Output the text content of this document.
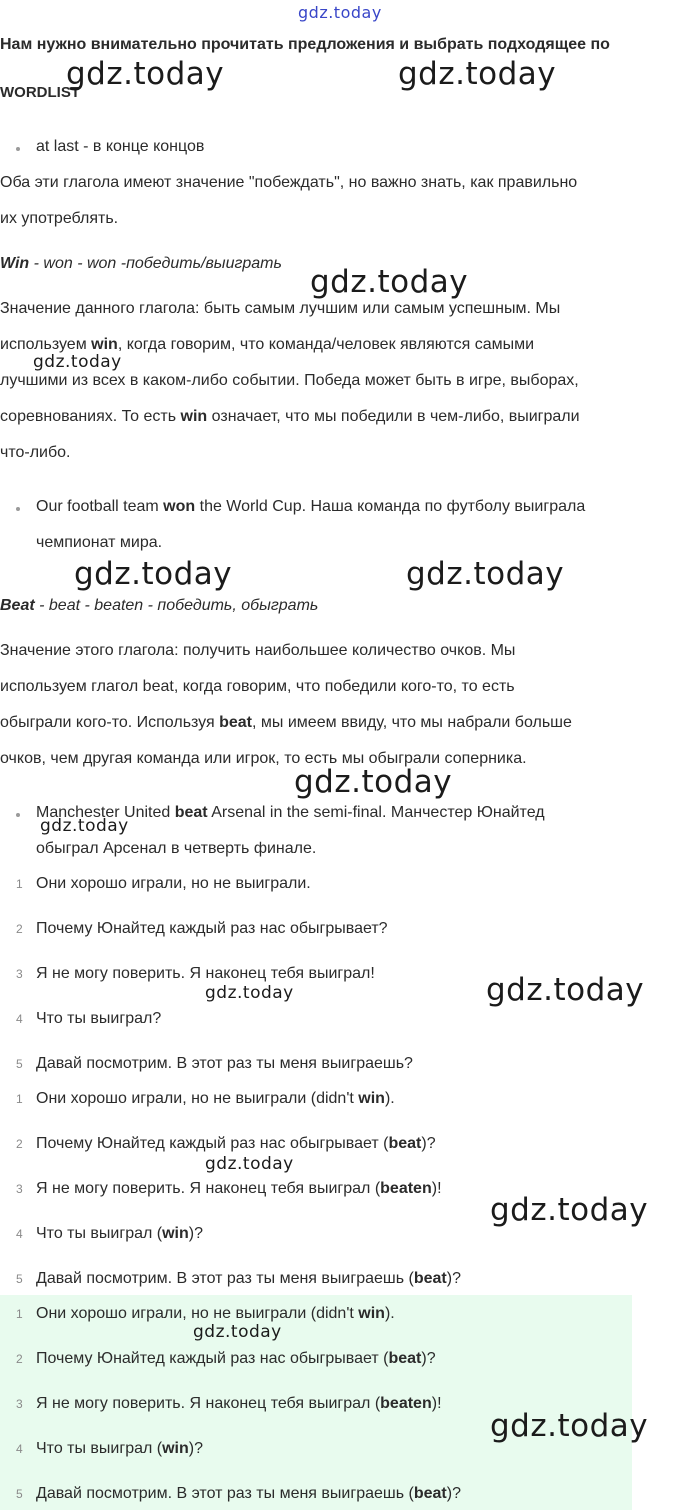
gdz.today
Нам нужно внимательно прочитать предложения и выбрать подходящее по
WORDLIST
at last - в конце концов
Оба эти глагола имеют значение "побеждать", но важно знать, как правильно
их употреблять.
Win - won - won -победить/выиграть
Значение данного глагола: быть самым лучшим или самым успешным. Мы
используем win, когда говорим, что команда/человек являются самыми
лучшими из всех в каком-либо событии. Победа может быть в игре, выборах,
соревнованиях. То есть win означает, что мы победили в чем-либо, выиграли
что-либо.
Our football team won the World Cup. Наша команда по футболу выиграла
чемпионат мира.
Beat - beat - beaten - победить, обыграть
Значение этого глагола: получить наибольшее количество очков. Мы
используем глагол beat, когда говорим, что победили кого-то, то есть
обыграли кого-то. Используя beat, мы имеем ввиду, что мы набрали больше
очков, чем другая команда или игрок, то есть мы обыграли соперника.
Manchester United beat Arsenal in the semi-final. Манчестер Юнайтед
обыграл Арсенал в четверть финале.
1 Они хорошо играли, но не выиграли.
2 Почему Юнайтед каждый раз нас обыгрывает?
3 Я не могу поверить. Я наконец тебя выиграл!
4 Что ты выиграл?
5 Давай посмотрим. В этот раз ты меня выиграешь?
1 Они хорошо играли, но не выиграли (didn't win).
2 Почему Юнайтед каждый раз нас обыгрывает (beat)?
3 Я не могу поверить. Я наконец тебя выиграл (beaten)!
4 Что ты выиграл (win)?
5 Давай посмотрим. В этот раз ты меня выиграешь (beat)?
1 Они хорошо играли, но не выиграли (didn't win).
2 Почему Юнайтед каждый раз нас обыгрывает (beat)?
3 Я не могу поверить. Я наконец тебя выиграл (beaten)!
4 Что ты выиграл (win)?
5 Давай посмотрим. В этот раз ты меня выиграешь (beat)?
gdz.today	gdz.today
gdz.today
gdz.today
gdz.today	gdz.today
gdz.today
gdz.today
gdz.today	gdz.today
gdz.today
gdz.today
gdz.today
gdz.today
